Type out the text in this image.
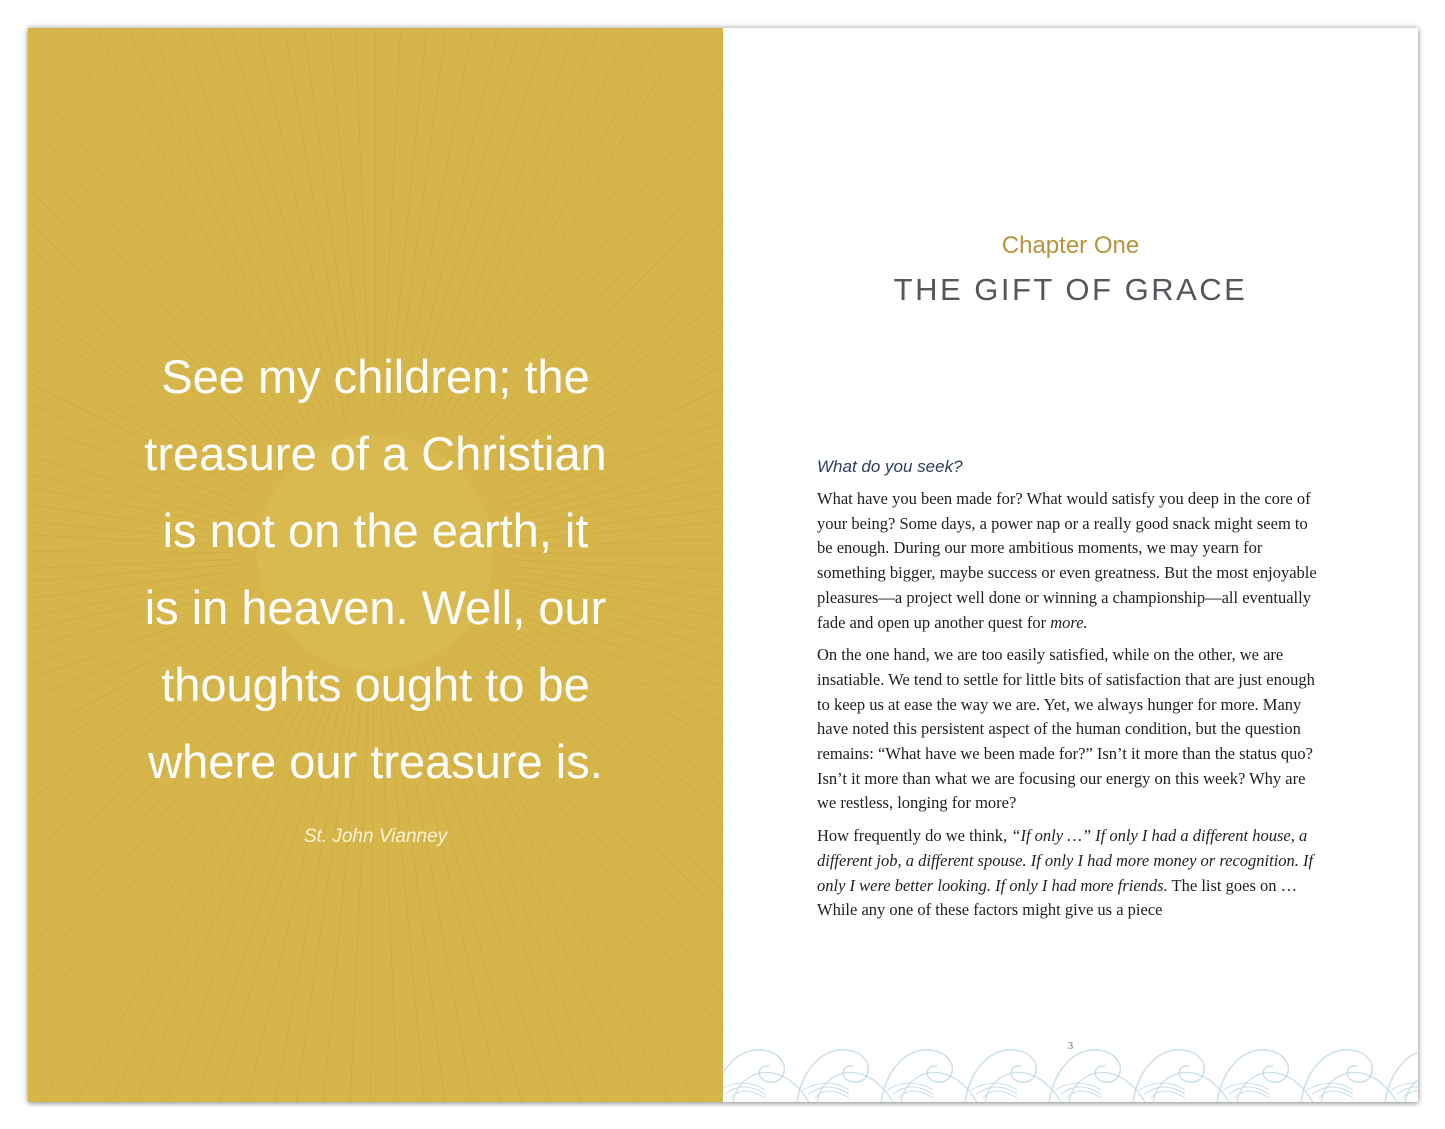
See my children; the
treasure of a Christian
is not on the earth, it
is in heaven. Well, our
thoughts ought to be
where our treasure is.
St. John Vianney
Chapter One
THE GIFT OF GRACE
What do you seek?

What have you been made for? What would satisfy you deep in the core of your being? Some days, a power nap or a really good snack might seem to be enough. During our more ambitious moments, we may yearn for something bigger, maybe success or even greatness. But the most enjoyable pleasures—a project well done or winning a championship—all eventually fade and open up another quest for more.

On the one hand, we are too easily satisfied, while on the other, we are insatiable. We tend to settle for little bits of satisfaction that are just enough to keep us at ease the way we are. Yet, we always hunger for more. Many have noted this persistent aspect of the human condition, but the question remains: “What have we been made for?” Isn’t it more than the status quo? Isn’t it more than what we are focusing our energy on this week? Why are we restless, longing for more?

How frequently do we think, “If only …” If only I had a different house, a different job, a different spouse. If only I had more money or recognition. If only I were better looking. If only I had more friends. The list goes on … While any one of these factors might give us a piece

3
